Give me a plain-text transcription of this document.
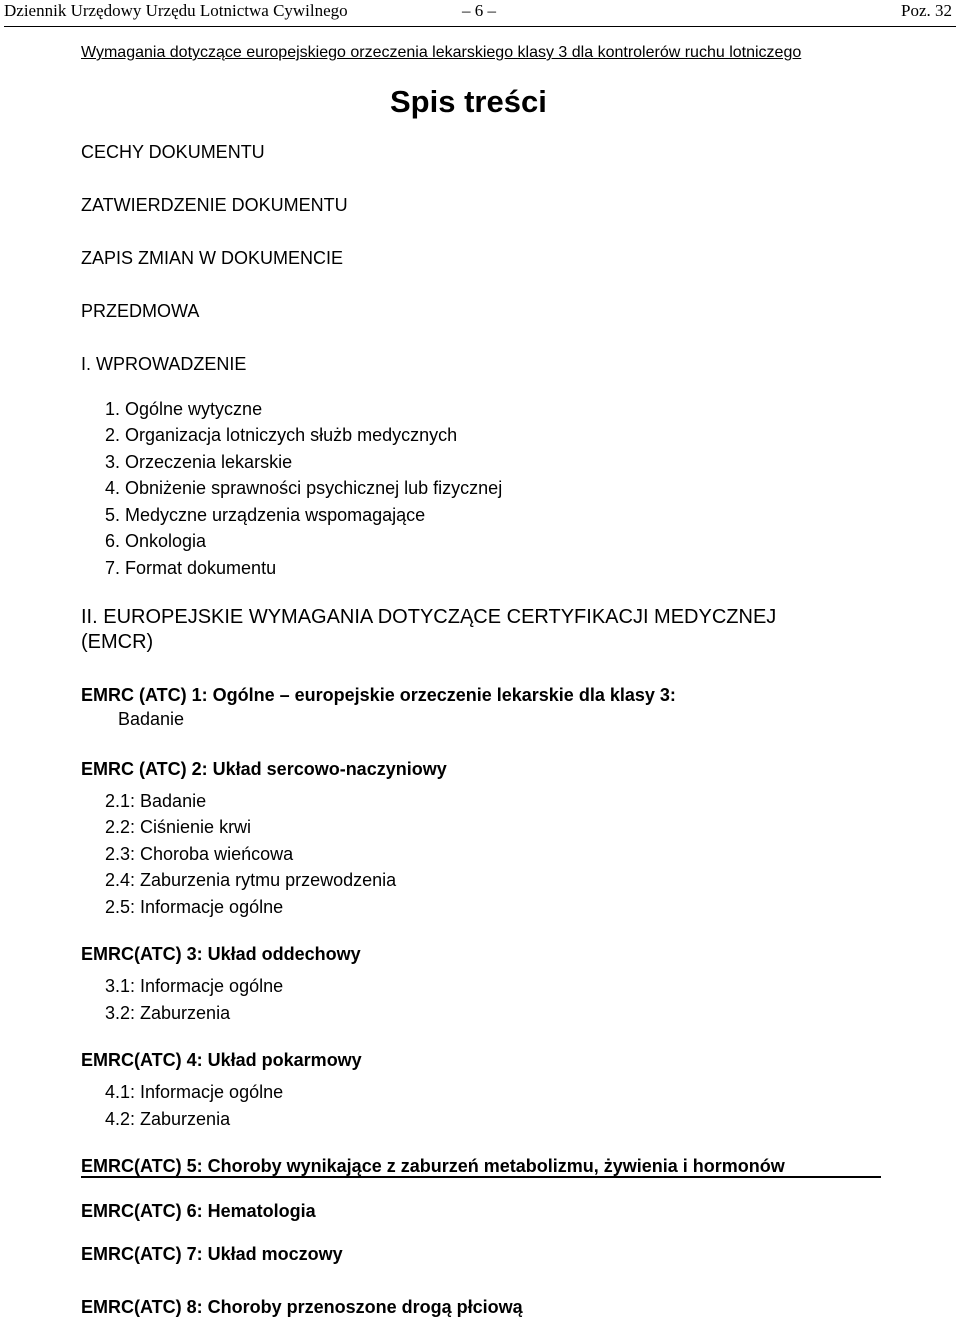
Dziennik Urzędowy Urzędu Lotnictwa Cywilnego	– 6 –	Poz. 32
Wymagania dotyczące europejskiego orzeczenia lekarskiego klasy 3 dla kontrolerów ruchu lotniczego
Spis treści
CECHY DOKUMENTU
ZATWIERDZENIE DOKUMENTU
ZAPIS ZMIAN W DOKUMENCIE
PRZEDMOWA
I. WPROWADZENIE
1. Ogólne wytyczne
2. Organizacja lotniczych służb medycznych
3. Orzeczenia lekarskie
4. Obniżenie sprawności psychicznej lub fizycznej
5. Medyczne urządzenia wspomagające
6. Onkologia
7. Format dokumentu
II. EUROPEJSKIE WYMAGANIA DOTYCZĄCE CERTYFIKACJI MEDYCZNEJ
(EMCR)
EMRC (ATC) 1: Ogólne – europejskie orzeczenie lekarskie dla klasy 3:
Badanie
EMRC (ATC) 2: Układ sercowo-naczyniowy
2.1: Badanie
2.2: Ciśnienie krwi
2.3: Choroba wieńcowa
2.4: Zaburzenia rytmu przewodzenia
2.5: Informacje ogólne
EMRC(ATC) 3: Układ oddechowy
3.1: Informacje ogólne
3.2: Zaburzenia
EMRC(ATC) 4: Układ pokarmowy
4.1: Informacje ogólne
4.2: Zaburzenia
EMRC(ATC) 5: Choroby wynikające z zaburzeń metabolizmu, żywienia i hormonów
EMRC(ATC) 6: Hematologia
EMRC(ATC) 7: Układ moczowy
EMRC(ATC) 8: Choroby przenoszone drogą płciową
